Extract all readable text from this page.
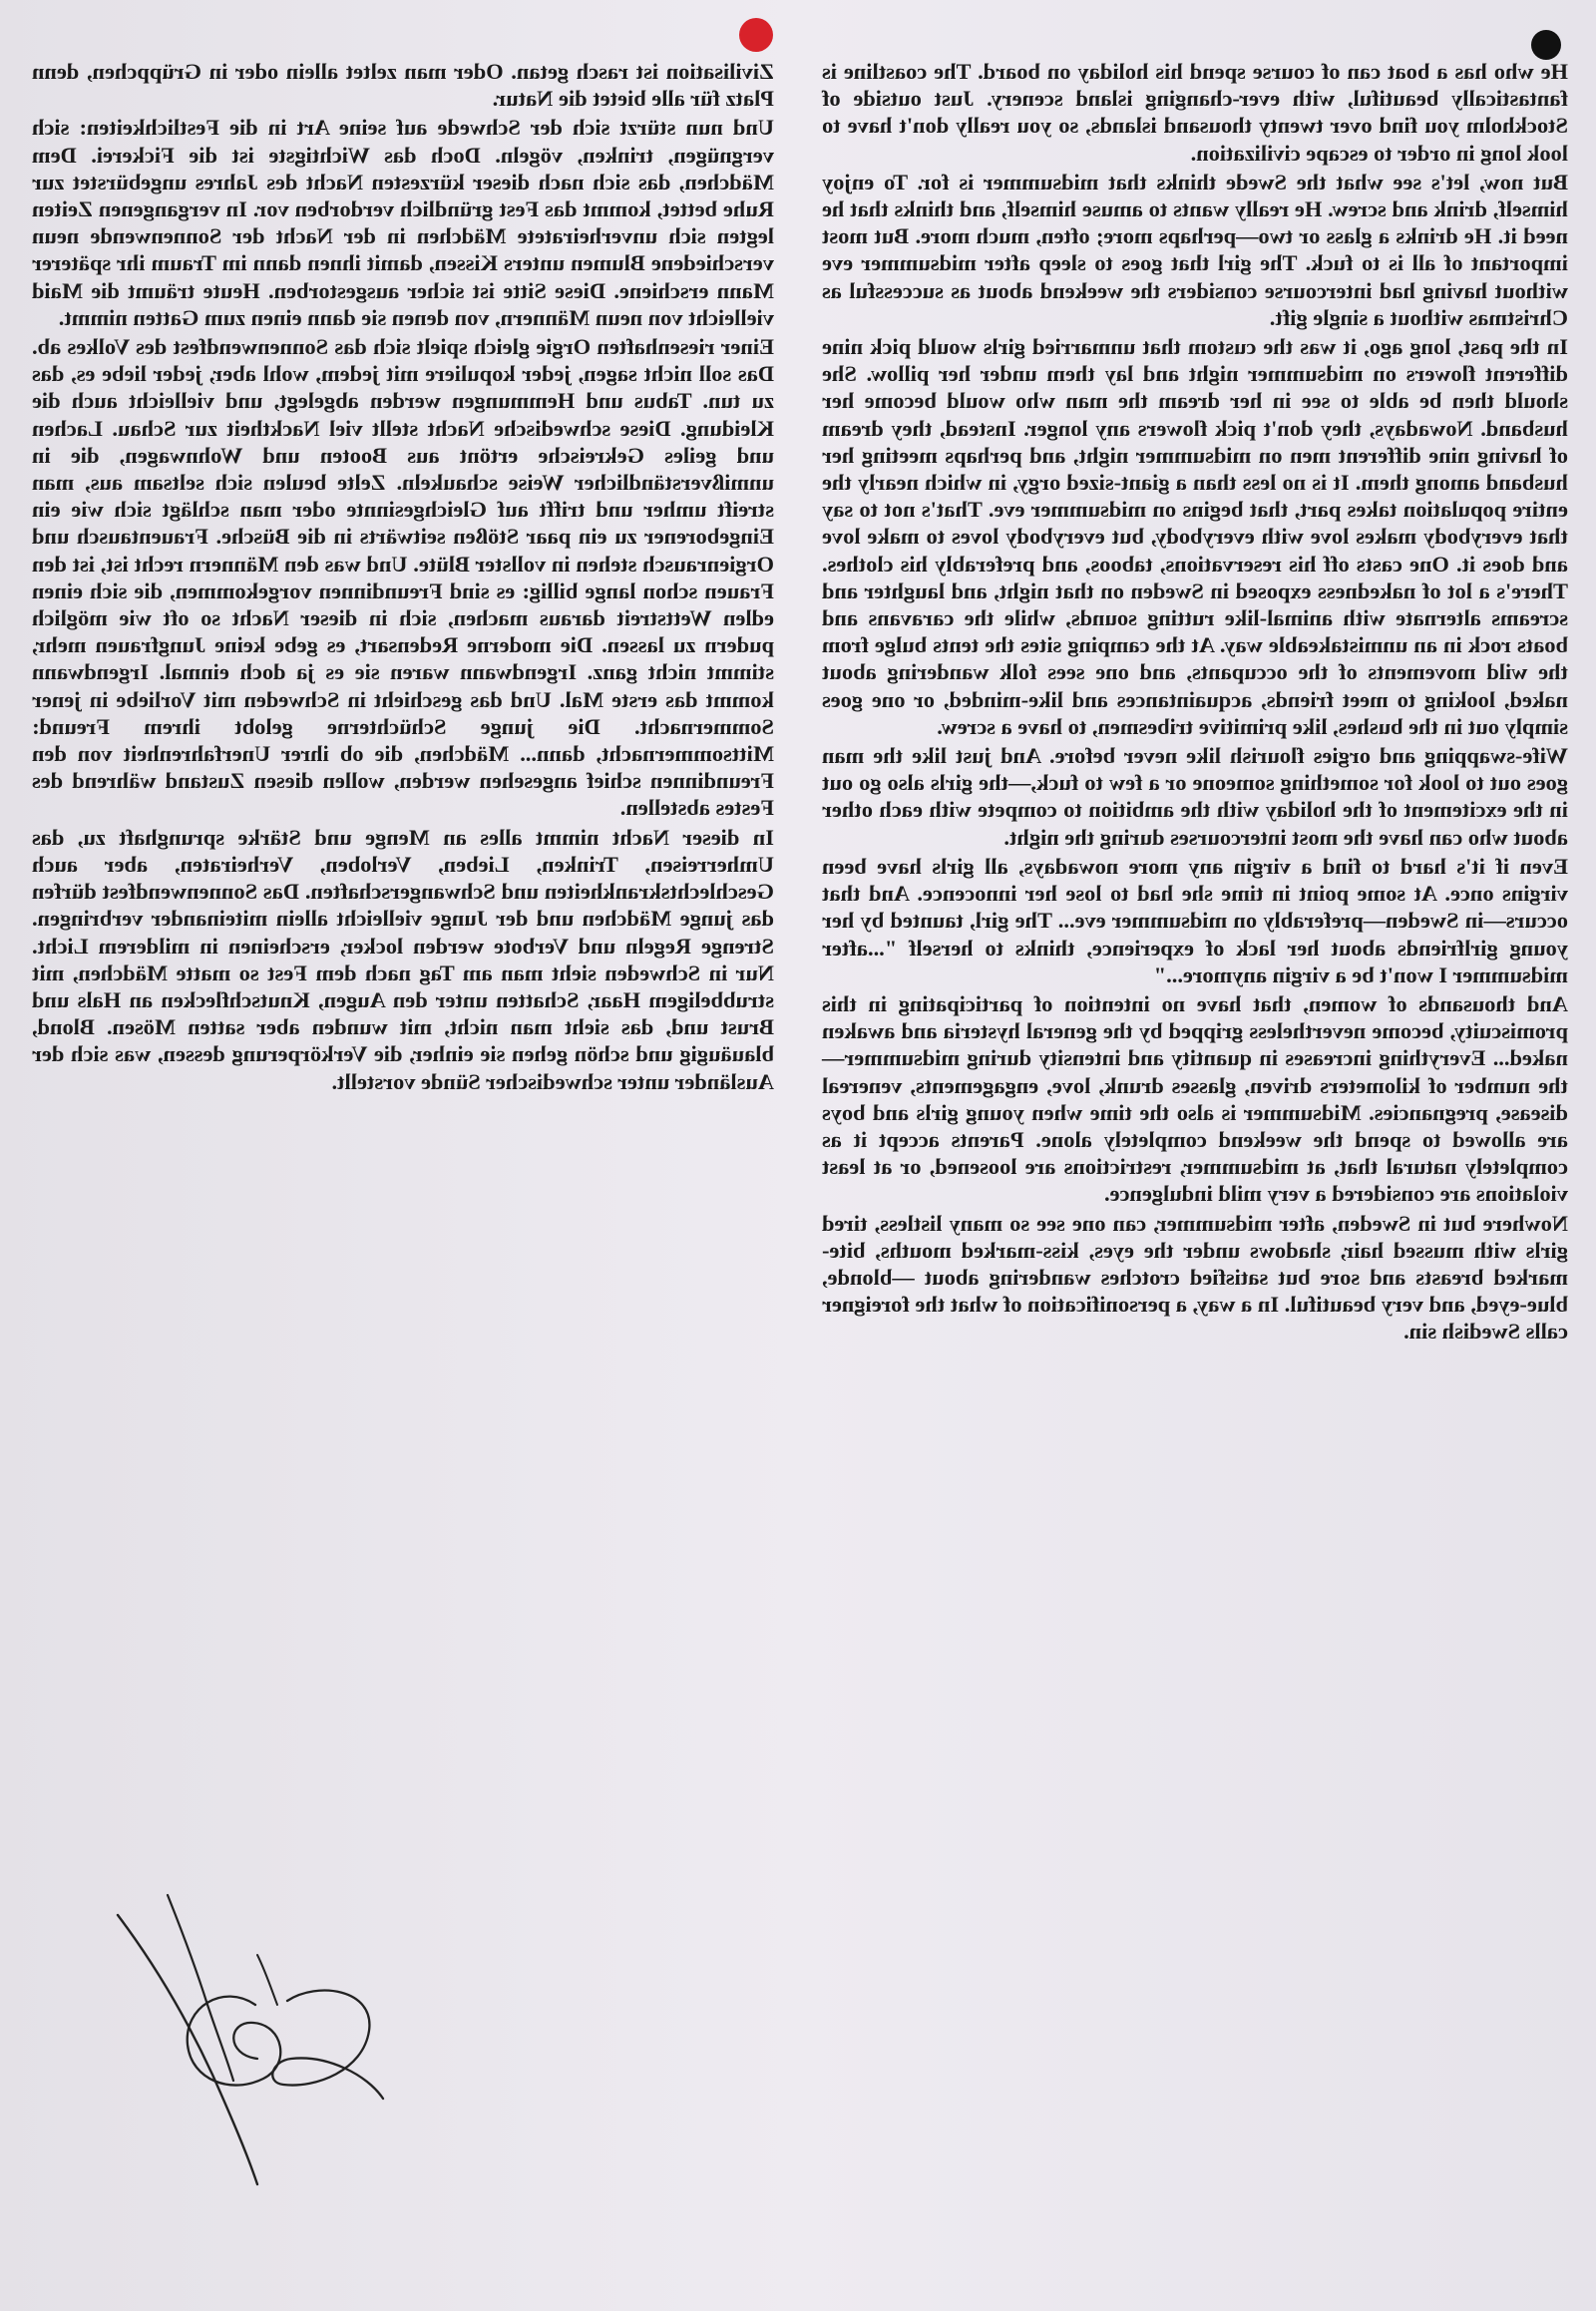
Zivilisation ist rasch getan. Oder man zeltet allein oder in Grüppchen, denn Platz für alle bietet die Natur.

Und nun stürzt sich der Schwede auf seine Art in die Festlichkeiten: sich vergnügen, trinken, vögeln. Doch das Wichtigste ist die Fickerei. Dem Mädchen, das sich nach dieser kürzesten Nacht des Jahres ungebürstet zur Ruhe bettet, kommt das Fest gründlich verdorben vor. In vergangenen Zeiten legten sich unverheiratete Mädchen in der Nacht der Sonnenwende neun verschiedene Blumen unters Kissen, damit ihnen dann im Traum ihr späterer Mann erschiene. Diese Sitte ist sicher ausgestorben. Heute träumt die Maid vielleicht von neun Männern, von denen sie dann einen zum Gatten nimmt.

Einer riesenhaften Orgie gleich spielt sich das Sonnenwendfest des Volkes ab. Das soll nicht sagen, jeder kopuliere mit jedem, wohl aber, jeder liebe es, das zu tun. Tabus und Hemmungen werden abgelegt, und vielleicht auch die Kleidung. Diese schwedische Nacht stellt viel Nacktheit zur Schau. Lachen und geiles Gekreische ertönt aus Booten und Wohnwagen, die in unmißverständlicher Weise schaukeln. Zelte beulen sich seltsam aus, man streift umher und trifft auf Gleichgesinnte oder man schlägt sich wie ein Eingeborener zu ein paar Stößen seitwärts in die Büsche. Frauentausch und Orgienrausch stehen in vollster Blüte. Und was den Männern recht ist, ist den Frauen schon lange billig: es sind Freundinnen vorgekommen, die sich einen edlen Wettstreit daraus machen, sich in dieser Nacht so oft wie möglich pudern zu lassen. Die moderne Redensart, es gebe keine Jungfrauen mehr, stimmt nicht ganz. Irgendwann waren sie es ja doch einmal. Irgendwann kommt das erste Mal. Und das geschieht in Schweden mit Vorliebe in jener Sommernacht. Die junge Schüchterne gelobt ihrem Freund: Mittsommernacht, dann... Mädchen, die ob ihrer Unerfahrenheit von den Freundinnen schief angesehen werden, wollen diesen Zustand während des Festes abstellen.

In dieser Nacht nimmt alles an Menge und Stärke sprunghaft zu, das Umherreisen, Trinken, Lieben, Verloben, Verheiraten, aber auch Geschlechtskrankheiten und Schwangerschaften. Das Sonnenwendfest dürfen das junge Mädchen und der Junge vielleicht allein miteinander verbringen. Strenge Regeln und Verbote werden locker, erscheinen in milderem Licht. Nur in Schweden sieht man am Tag nach dem Fest so matte Mädchen, mit strubbeligem Haar, Schatten unter den Augen, Knutschflecken an Hals und Brust und, das sieht man nicht, mit wunden aber satten Mösen. Blond, blauäugig und schön gehen sie einher, die Verkörperung dessen, was sich der Ausländer unter schwedischer Sünde vorstellt.

He who has a boat can of course spend his holiday on board. The coastline is fantastically beautiful, with ever-changing island scenery. Just outside of Stockholm you find over twenty thousand islands, so you really don't have to look long in order to escape civilization.

But now, let's see what the Swede thinks that midsummer is for. To enjoy himself, drink and screw. He really wants to amuse himself, and thinks that he need it. He drinks a glass or two—perhaps more; often, much more. But most important of all is to fuck. The girl that goes to sleep after midsummer eve without having had intercourse considers the weekend about as successful as Christmas without a single gift.

In the past, long ago, it was the custom that unmarried girls would pick nine different flowers on midsummer night and lay them under her pillow. She should then be able to see in her dream the man who would become her husband. Nowadays, they don't pick flowers any longer. Instead, they dream of having nine different men on midsummer night, and perhaps meeting her husband among them. It is no less than a giant-sized orgy, in which nearly the entire population takes part, that begins on midsummer eve. That's not to say that everybody makes love with everybody, but everybody loves to make love and does it. One casts off his reservations, taboos, and preferably his clothes. There's a lot of nakedness exposed in Sweden on that night, and laughter and screams alternate with animal-like rutting sounds, while the caravans and boats rock in an unmistakeable way. At the camping sites the tents bulge from the wild movements of the occupants, and one sees folk wandering about naked, looking to meet friends, acquaintances and like-minded, or one goes simply out in the bushes, like primitive tribesmen, to have a screw.

Wife-swapping and orgies flourish like never before. And just like the man goes out to look for something someone or a few to fuck,—the girls also go out in the excitement of the holiday with the ambition to compete with each other about who can have the most intercourses during the night.

Even if it's hard to find a virgin any more nowadays, all girls have been virgins once. At some point in time she had to lose her innocence. And that occurs—in Sweden—preferably on midsummer eve... The girl, taunted by her young girlfriends about her lack of experience, thinks to herself "...after midsummer I won't be a virgin anymore..."

And thousands of women, that have no intention of participating in this promiscuity, become nevertheless gripped by the general hysteria and awaken naked... Everything increases in quantity and intensity during midsummer—the number of kilometers driven, glasses drunk, love, engagements, venereal disease, pregnancies. Midsummer is also the time when young girls and boys are allowed to spend the weekend completely alone. Parents accept it as completely natural that, at midsummer, restrictions are loosened, or at least violations are considered a very mild indulgence.

Nowhere but in Sweden, after midsummer, can one see so many listless, tired girls with mussed hair, shadows under the eyes, kiss-marked mouths, bite-marked breasts and sore but satisfied crotches wandering about —blonde, blue-eyed, and very beautiful. In a way, a personification of what the foreigner calls Swedish sin.
